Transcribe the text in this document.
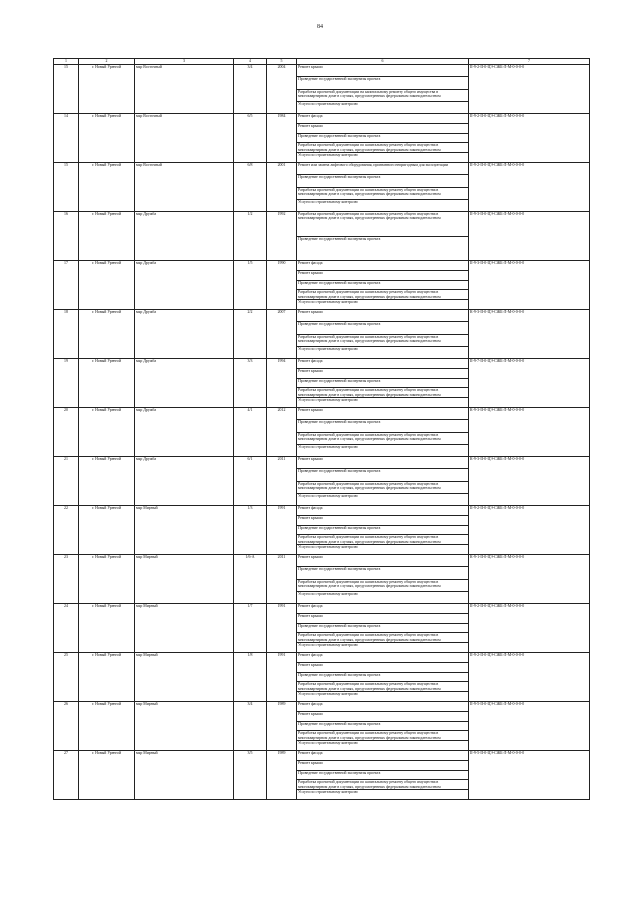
84
1	2	3	4	5	6	7
15	г. Новый Уренгой	мкр Восточный	3/4	2004	Ремонт крыши	II-9-2-II-0-ЦЭ-СЖБ-Л-М-0-0-0-0
					Проведение государственной экспертизы проекта	
					Разработка проектной документации на капитальному ремонту общего имущества в многоквартирном доме в случаях, предусмотренных федеральным законодательством	
					Услуги по строительному контролю	
14	г. Новый Уренгой	мкр Восточный	6/5	1984	Ремонт фасада	II-9-2-II-0-ЦЭ-СЖБ-Л-М-0-0-0-0
					Ремонт крыши	
					Проведение государственной экспертизы проекта	
					Разработка проектной документации по капитальному ремонту общего имущества в многоквартирном доме в случаях, предусмотренных федеральным законодательством	
					Услуги по строительному контролю	
15	г. Новый Уренгой	мкр Восточный	6/8	2001	Ремонт или замена лифтового оборудования, признанного непригодным для эксплуатации	II-9-2-II-0-ЦЭ-СЖБ-Л-М-0-0-0-0
					Проведение государственной экспертизы проекта	
					Разработка проектной документации по капитальному ремонту общего имущества в многоквартирном доме в случаях, предусмотренных федеральным законодательством	
					Услуги по строительному контролю	
16	г. Новый Уренгой	мкр Дружба	1/2	1992	Разработка проектной документации по капитальному ремонту общего имущества в многоквартирном доме в случаях, предусмотренных федеральным законодательством	II-9-3-II-0-ЦЭ-СЖБ-Л-М-0-0-0-0
					Проведение государственной экспертизы проекта	
17	г. Новый Уренгой	мкр Дружба	1/5	1990	Ремонт фасада	II-9-3-II-0-ЦЭ-СЖБ-Л-М-0-0-0-0
					Ремонт крыши	
					Проведение государственной экспертизы проекта	
					Разработка проектной документации по капитальному ремонту общего имущества в многоквартирном доме в случаях, предусмотренных федеральным законодательством	
					Услуги по строительному контролю	
18	г. Новый Уренгой	мкр Дружба	2/2	2007	Ремонт крыши	К-9-3-II-0-ЦЭ-СЖБ-Л-М-0-0-0-0
					Проведение государственной экспертизы проекта	
					Разработка проектной документации по капитальному ремонту общего имущества в многоквартирном доме в случаях, предусмотренных федеральным законодательством	
					Услуги по строительному контролю	
19	г. Новый Уренгой	мкр Дружба	3/3	1994	Ремонт фасада	II-9-7-II-0-ЦЭ-СЖБ-Л-М-0-0-0-0
					Ремонт крыши	
					Проведение государственной экспертизы проекта	
					Разработка проектной документации по капитальному ремонту общего имущества в многоквартирном доме в случаях, предусмотренных федеральным законодательством	
					Услуги по строительному контролю	
20	г. Новый Уренгой	мкр Дружба	4/1	2012	Ремонт крыши	К-9-3-II-0-ЦЭ-СЖБ-Л-М-0-0-0-0
					Проведение государственной экспертизы проекта	
					Разработка проектной документации по капитальному ремонту общего имущества в многоквартирном доме в случаях, предусмотренных федеральным законодательством	
					Услуги по строительному контролю	
21	г. Новый Уренгой	мкр Дружба	6/1	2011	Ремонт крыши	К-9-3-II-0-ЦЭ-СЖБ-Л-М-0-0-0-0
					Проведение государственной экспертизы проекта	
					Разработка проектной документации по капитальному ремонту общего имущества в многоквартирном доме в случаях, предусмотренных федеральным законодательством	
					Услуги по строительному контролю	
22	г. Новый Уренгой	мкр Мирный	1/3	1991	Ремонт фасада	II-9-2-II-0-ЦЭ-СЖБ-Л-М-0-0-0-0
					Ремонт крыши	
					Проведение государственной экспертизы проекта	
					Разработка проектной документации по капитальному ремонту общего имущества в многоквартирном доме в случаях, предусмотренных федеральным законодательством	
					Услуги по строительному контролю	
23	г. Новый Уренгой	мкр Мирный	1/6-А	2011	Ремонт крыши	К-9-1-II-0-ЦЭ-СЖБ-Л-М-0-0-0-0
					Проведение государственной экспертизы проекта	
					Разработка проектной документации по капитальному ремонту общего имущества в многоквартирном доме в случаях, предусмотренных федеральным законодательством	
					Услуги по строительному контролю	
24	г. Новый Уренгой	мкр Мирный	1/7	1991	Ремонт фасада	II-9-2-II-0-ЦЭ-СЖБ-Л-М-0-0-0-0
					Ремонт крыши	
					Проведение государственной экспертизы проекта	
					Разработка проектной документации по капитальному ремонту общего имущества в многоквартирном доме в случаях, предусмотренных федеральным законодательством	
					Услуги по строительному контролю	
25	г. Новый Уренгой	мкр Мирный	1/8	1991	Ремонт фасада	II-9-2-II-0-ЦЭ-СЖБ-Л-М-0-0-0-0
					Ремонт крыши	
					Проведение государственной экспертизы проекта	
					Разработка проектной документации по капитальному ремонту общего имущества в многоквартирном доме в случаях, предусмотренных федеральным законодательством	
					Услуги по строительному контролю	
26	г. Новый Уренгой	мкр Мирный	3/4	1989	Ремонт фасада	II-9-5-II-0-ЦЭ-СЖБ-Л-М-0-0-0-0
					Ремонт крыши	
					Проведение государственной экспертизы проекта	
					Разработка проектной документации по капитальному ремонту общего имущества в многоквартирном доме в случаях, предусмотренных федеральным законодательством	
					Услуги по строительному контролю	
27	г. Новый Уренгой	мкр Мирный	3/5	1989	Ремонт фасада	II-9-5-II-0-ЦЭ-СЖБ-Л-М-0-0-0-0
					Ремонт крыши	
					Проведение государственной экспертизы проекта	
					Разработка проектной документации по капитальному ремонту общего имущества в многоквартирном доме в случаях, предусмотренных федеральным законодательством	
					Услуги по строительному контролю	
